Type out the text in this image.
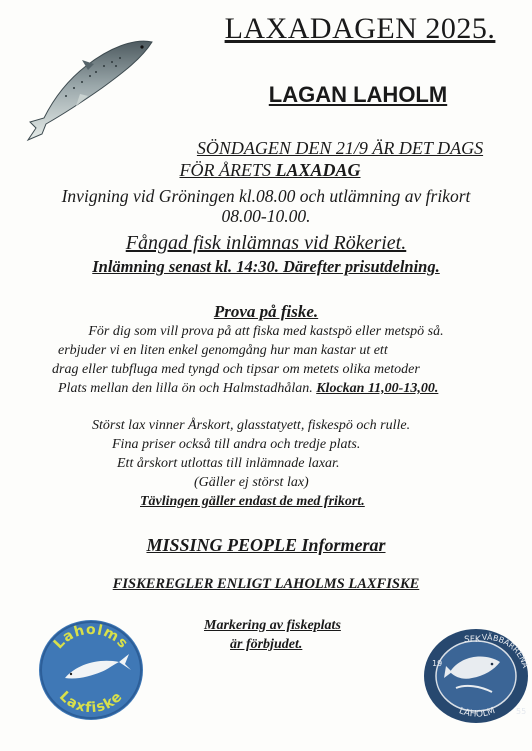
LAXADAGEN 2025.
LAGAN LAHOLM
SÖNDAGEN DEN 21/9 ÄR DET DAGS
FÖR ÅRETS LAXADAG
Invigning vid Gröningen kl.08.00 och utlämning av frikort
08.00-10.00.
Fångad fisk inlämnas vid Rökeriet.
Inlämning senast kl. 14:30. Därefter prisutdelning.
Prova på fiske.
För dig som vill prova på att fiska med kastspö eller metspö så.
erbjuder vi en liten enkel genomgång hur man kastar ut ett
drag eller tubfluga med tyngd och tipsar om metets olika metoder
Plats mellan den lilla ön och Halmstadhålan. Klockan 11,00-13,00.
Störst lax vinner Årskort, glasstatyett, fiskespö och rulle.
Fina priser också till andra och tredje plats.
Ett årskort utlottas till inlämnade laxar.
(Gäller ej störst lax)
Tävlingen gäller endast de med frikort.
MISSING PEOPLE Informerar
FISKEREGLER ENLIGT LAHOLMS LAXFISKE
Markering av fiskeplats
är förbjudet.
Laholms
Laxfiske
SFK VÄBBÄRRENA
LAHOLM
19
55
